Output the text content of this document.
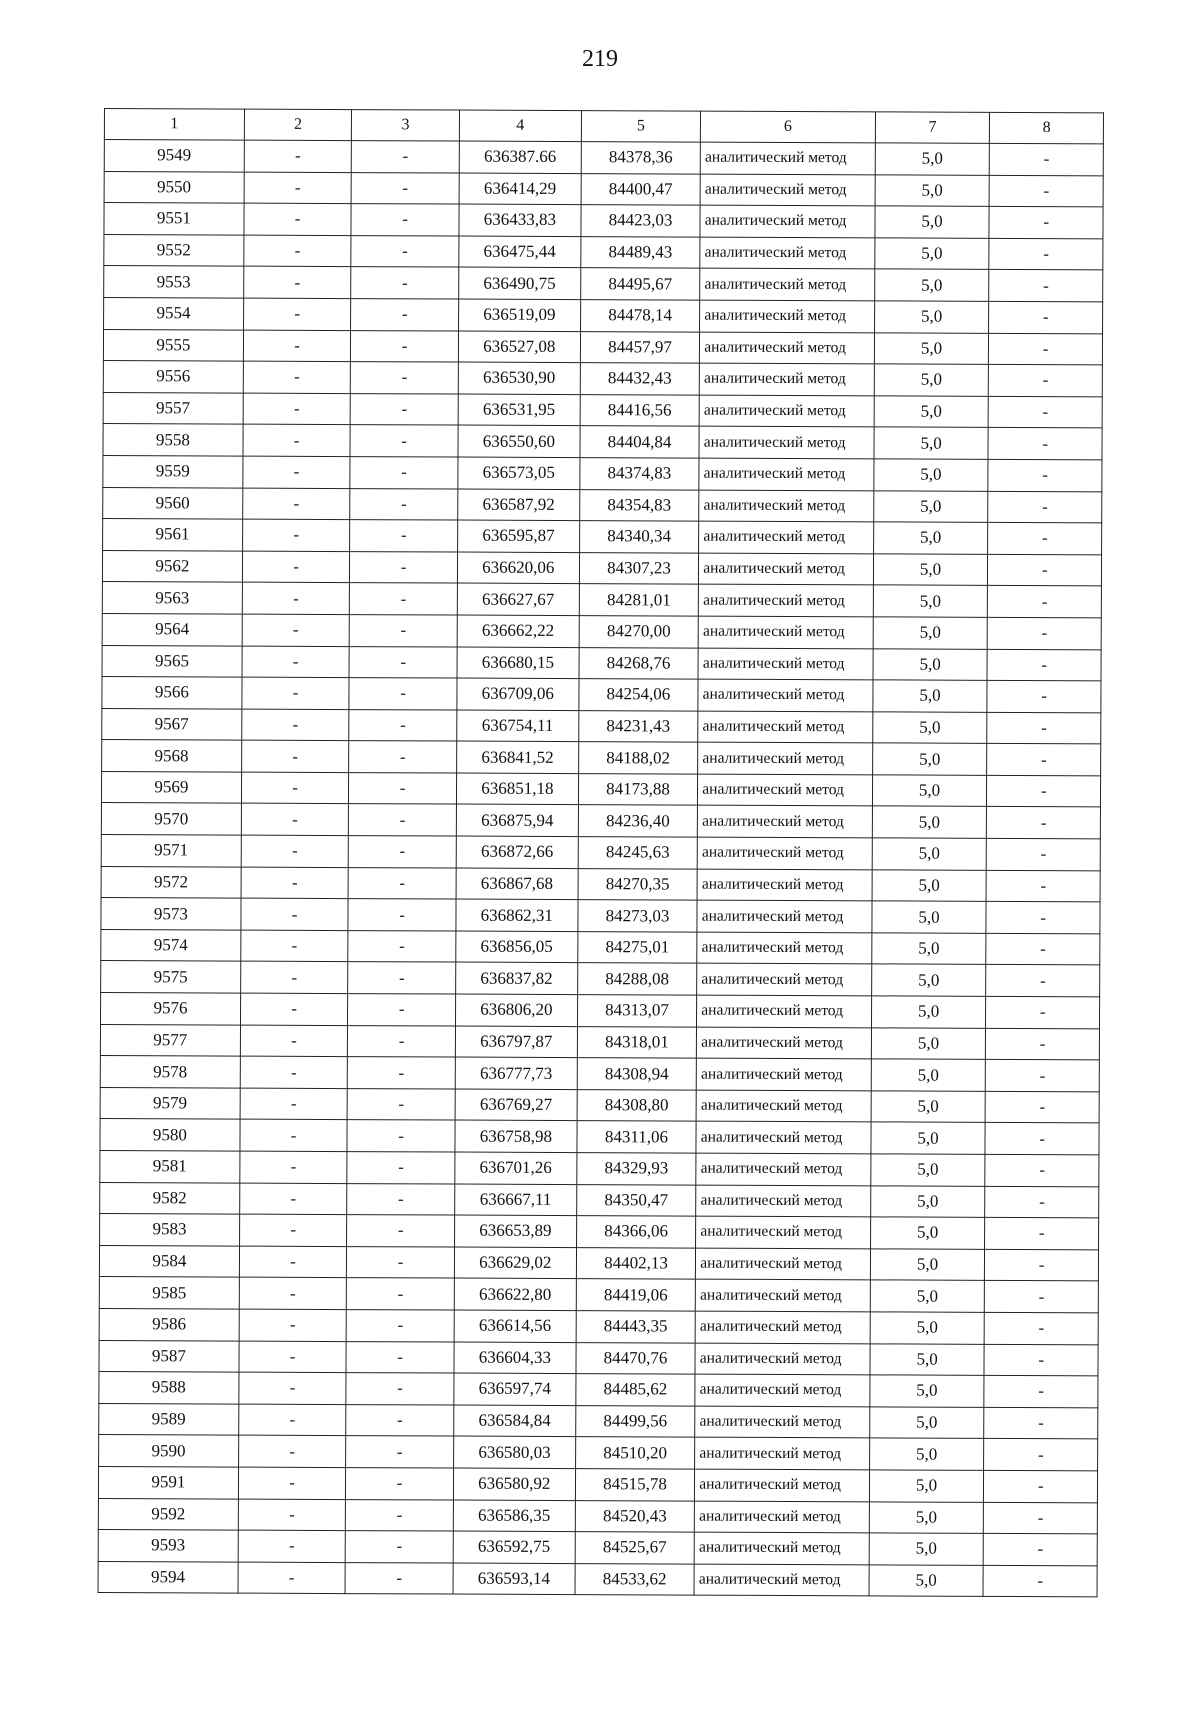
219
1	2	3	4	5	6	7	8
9549	-	-	636387.66	84378,36	аналитический метод	5,0	-
9550	-	-	636414,29	84400,47	аналитический метод	5,0	-
9551	-	-	636433,83	84423,03	аналитический метод	5,0	-
9552	-	-	636475,44	84489,43	аналитический метод	5,0	-
9553	-	-	636490,75	84495,67	аналитический метод	5,0	-
9554	-	-	636519,09	84478,14	аналитический метод	5,0	-
9555	-	-	636527,08	84457,97	аналитический метод	5,0	-
9556	-	-	636530,90	84432,43	аналитический метод	5,0	-
9557	-	-	636531,95	84416,56	аналитический метод	5,0	-
9558	-	-	636550,60	84404,84	аналитический метод	5,0	-
9559	-	-	636573,05	84374,83	аналитический метод	5,0	-
9560	-	-	636587,92	84354,83	аналитический метод	5,0	-
9561	-	-	636595,87	84340,34	аналитический метод	5,0	-
9562	-	-	636620,06	84307,23	аналитический метод	5,0	-
9563	-	-	636627,67	84281,01	аналитический метод	5,0	-
9564	-	-	636662,22	84270,00	аналитический метод	5,0	-
9565	-	-	636680,15	84268,76	аналитический метод	5,0	-
9566	-	-	636709,06	84254,06	аналитический метод	5,0	-
9567	-	-	636754,11	84231,43	аналитический метод	5,0	-
9568	-	-	636841,52	84188,02	аналитический метод	5,0	-
9569	-	-	636851,18	84173,88	аналитический метод	5,0	-
9570	-	-	636875,94	84236,40	аналитический метод	5,0	-
9571	-	-	636872,66	84245,63	аналитический метод	5,0	-
9572	-	-	636867,68	84270,35	аналитический метод	5,0	-
9573	-	-	636862,31	84273,03	аналитический метод	5,0	-
9574	-	-	636856,05	84275,01	аналитический метод	5,0	-
9575	-	-	636837,82	84288,08	аналитический метод	5,0	-
9576	-	-	636806,20	84313,07	аналитический метод	5,0	-
9577	-	-	636797,87	84318,01	аналитический метод	5,0	-
9578	-	-	636777,73	84308,94	аналитический метод	5,0	-
9579	-	-	636769,27	84308,80	аналитический метод	5,0	-
9580	-	-	636758,98	84311,06	аналитический метод	5,0	-
9581	-	-	636701,26	84329,93	аналитический метод	5,0	-
9582	-	-	636667,11	84350,47	аналитический метод	5,0	-
9583	-	-	636653,89	84366,06	аналитический метод	5,0	-
9584	-	-	636629,02	84402,13	аналитический метод	5,0	-
9585	-	-	636622,80	84419,06	аналитический метод	5,0	-
9586	-	-	636614,56	84443,35	аналитический метод	5,0	-
9587	-	-	636604,33	84470,76	аналитический метод	5,0	-
9588	-	-	636597,74	84485,62	аналитический метод	5,0	-
9589	-	-	636584,84	84499,56	аналитический метод	5,0	-
9590	-	-	636580,03	84510,20	аналитический метод	5,0	-
9591	-	-	636580,92	84515,78	аналитический метод	5,0	-
9592	-	-	636586,35	84520,43	аналитический метод	5,0	-
9593	-	-	636592,75	84525,67	аналитический метод	5,0	-
9594	-	-	636593,14	84533,62	аналитический метод	5,0	-
